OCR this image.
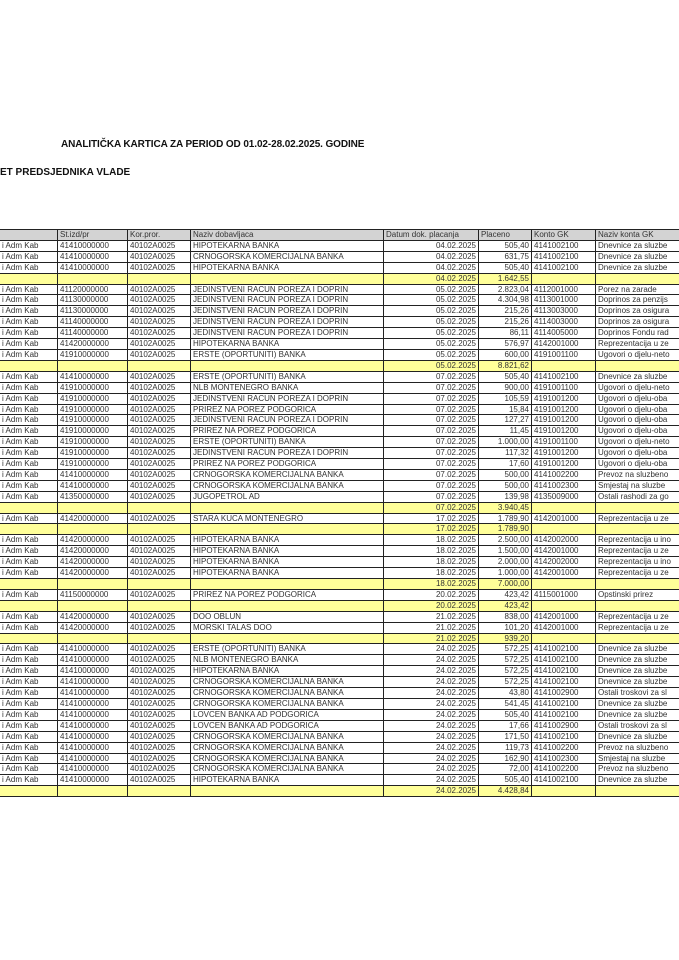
ANALITIČKA KARTICA ZA PERIOD OD 01.02-28.02.2025. GODINE
ET PREDSJEDNIKA VLADE
	St.izd/pr	Kor.pror.	Naziv dobavljaca	Datum dok. placanja	Placeno	Konto GK	Naziv konta GK
i Adm Kab	41410000000	40102A0025	HIPOTEKARNA BANKA	04.02.2025	505,40	4141002100	Dnevnice za sluzbe
i Adm Kab	41410000000	40102A0025	CRNOGORSKA KOMERCIJALNA BANKA	04.02.2025	631,75	4141002100	Dnevnice za sluzbe
i Adm Kab	41410000000	40102A0025	HIPOTEKARNA BANKA	04.02.2025	505,40	4141002100	Dnevnice za sluzbe
				04.02.2025	1.642,55		
i Adm Kab	41120000000	40102A0025	JEDINSTVENI RACUN POREZA I DOPRIN	05.02.2025	2.823,04	4112001000	Porez na zarade
i Adm Kab	41130000000	40102A0025	JEDINSTVENI RACUN POREZA I DOPRIN	05.02.2025	4.304,98	4113001000	Doprinos za penzijs
i Adm Kab	41130000000	40102A0025	JEDINSTVENI RACUN POREZA I DOPRIN	05.02.2025	215,26	4113003000	Doprinos za osigura
i Adm Kab	41140000000	40102A0025	JEDINSTVENI RACUN POREZA I DOPRIN	05.02.2025	215,26	4114003000	Doprinos za osigura
i Adm Kab	41140000000	40102A0025	JEDINSTVENI RACUN POREZA I DOPRIN	05.02.2025	86,11	4114005000	Doprinos Fondu rad
i Adm Kab	41420000000	40102A0025	HIPOTEKARNA BANKA	05.02.2025	576,97	4142001000	Reprezentacija u ze
i Adm Kab	41910000000	40102A0025	ERSTE (OPORTUNITI) BANKA	05.02.2025	600,00	4191001100	Ugovori o djelu-neto
				05.02.2025	8.821,62		
i Adm Kab	41410000000	40102A0025	ERSTE (OPORTUNITI) BANKA	07.02.2025	505,40	4141002100	Dnevnice za sluzbe
i Adm Kab	41910000000	40102A0025	NLB MONTENEGRO BANKA	07.02.2025	900,00	4191001100	Ugovori o djelu-neto
i Adm Kab	41910000000	40102A0025	JEDINSTVENI RACUN POREZA I DOPRIN	07.02.2025	105,59	4191001200	Ugovori o djelu-oba
i Adm Kab	41910000000	40102A0025	PRIREZ NA POREZ PODGORICA	07.02.2025	15,84	4191001200	Ugovori o djelu-oba
i Adm Kab	41910000000	40102A0025	JEDINSTVENI RACUN POREZA I DOPRIN	07.02.2025	127,27	4191001200	Ugovori o djelu-oba
i Adm Kab	41910000000	40102A0025	PRIREZ NA POREZ PODGORICA	07.02.2025	11,45	4191001200	Ugovori o djelu-oba
i Adm Kab	41910000000	40102A0025	ERSTE (OPORTUNITI) BANKA	07.02.2025	1.000,00	4191001100	Ugovori o djelu-neto
i Adm Kab	41910000000	40102A0025	JEDINSTVENI RACUN POREZA I DOPRIN	07.02.2025	117,32	4191001200	Ugovori o djelu-oba
i Adm Kab	41910000000	40102A0025	PRIREZ NA POREZ PODGORICA	07.02.2025	17,60	4191001200	Ugovori o djelu-oba
i Adm Kab	41410000000	40102A0025	CRNOGORSKA KOMERCIJALNA BANKA	07.02.2025	500,00	4141002200	Prevoz na sluzbeno
i Adm Kab	41410000000	40102A0025	CRNOGORSKA KOMERCIJALNA BANKA	07.02.2025	500,00	4141002300	Smjestaj na sluzbe
i Adm Kab	41350000000	40102A0025	JUGOPETROL AD	07.02.2025	139,98	4135009000	Ostali rashodi za go
				07.02.2025	3.940,45		
i Adm Kab	41420000000	40102A0025	STARA KUCA MONTENEGRO	17.02.2025	1.789,90	4142001000	Reprezentacija u ze
				17.02.2025	1.789,90		
i Adm Kab	41420000000	40102A0025	HIPOTEKARNA BANKA	18.02.2025	2.500,00	4142002000	Reprezentacija u ino
i Adm Kab	41420000000	40102A0025	HIPOTEKARNA BANKA	18.02.2025	1.500,00	4142001000	Reprezentacija u ze
i Adm Kab	41420000000	40102A0025	HIPOTEKARNA BANKA	18.02.2025	2.000,00	4142002000	Reprezentacija u ino
i Adm Kab	41420000000	40102A0025	HIPOTEKARNA BANKA	18.02.2025	1.000,00	4142001000	Reprezentacija u ze
				18.02.2025	7.000,00		
i Adm Kab	41150000000	40102A0025	PRIREZ NA POREZ PODGORICA	20.02.2025	423,42	4115001000	Opstinski prirez
				20.02.2025	423,42		
i Adm Kab	41420000000	40102A0025	DOO OBLUN	21.02.2025	838,00	4142001000	Reprezentacija u ze
i Adm Kab	41420000000	40102A0025	MORSKI TALAS DOO	21.02.2025	101,20	4142001000	Reprezentacija u ze
				21.02.2025	939,20		
i Adm Kab	41410000000	40102A0025	ERSTE (OPORTUNITI) BANKA	24.02.2025	572,25	4141002100	Dnevnice za sluzbe
i Adm Kab	41410000000	40102A0025	NLB MONTENEGRO BANKA	24.02.2025	572,25	4141002100	Dnevnice za sluzbe
i Adm Kab	41410000000	40102A0025	HIPOTEKARNA BANKA	24.02.2025	572,25	4141002100	Dnevnice za sluzbe
i Adm Kab	41410000000	40102A0025	CRNOGORSKA KOMERCIJALNA BANKA	24.02.2025	572,25	4141002100	Dnevnice za sluzbe
i Adm Kab	41410000000	40102A0025	CRNOGORSKA KOMERCIJALNA BANKA	24.02.2025	43,80	4141002900	Ostali troskovi za sl
i Adm Kab	41410000000	40102A0025	CRNOGORSKA KOMERCIJALNA BANKA	24.02.2025	541,45	4141002100	Dnevnice za sluzbe
i Adm Kab	41410000000	40102A0025	LOVCEN BANKA AD PODGORICA	24.02.2025	505,40	4141002100	Dnevnice za sluzbe
i Adm Kab	41410000000	40102A0025	LOVCEN BANKA AD PODGORICA	24.02.2025	17,66	4141002900	Ostali troskovi za sl
i Adm Kab	41410000000	40102A0025	CRNOGORSKA KOMERCIJALNA BANKA	24.02.2025	171,50	4141002100	Dnevnice za sluzbe
i Adm Kab	41410000000	40102A0025	CRNOGORSKA KOMERCIJALNA BANKA	24.02.2025	119,73	4141002200	Prevoz na sluzbeno
i Adm Kab	41410000000	40102A0025	CRNOGORSKA KOMERCIJALNA BANKA	24.02.2025	162,90	4141002300	Smjestaj na sluzbe
i Adm Kab	41410000000	40102A0025	CRNOGORSKA KOMERCIJALNA BANKA	24.02.2025	72,00	4141002200	Prevoz na sluzbeno
i Adm Kab	41410000000	40102A0025	HIPOTEKARNA BANKA	24.02.2025	505,40	4141002100	Dnevnice za sluzbe
				24.02.2025	4.428,84		
